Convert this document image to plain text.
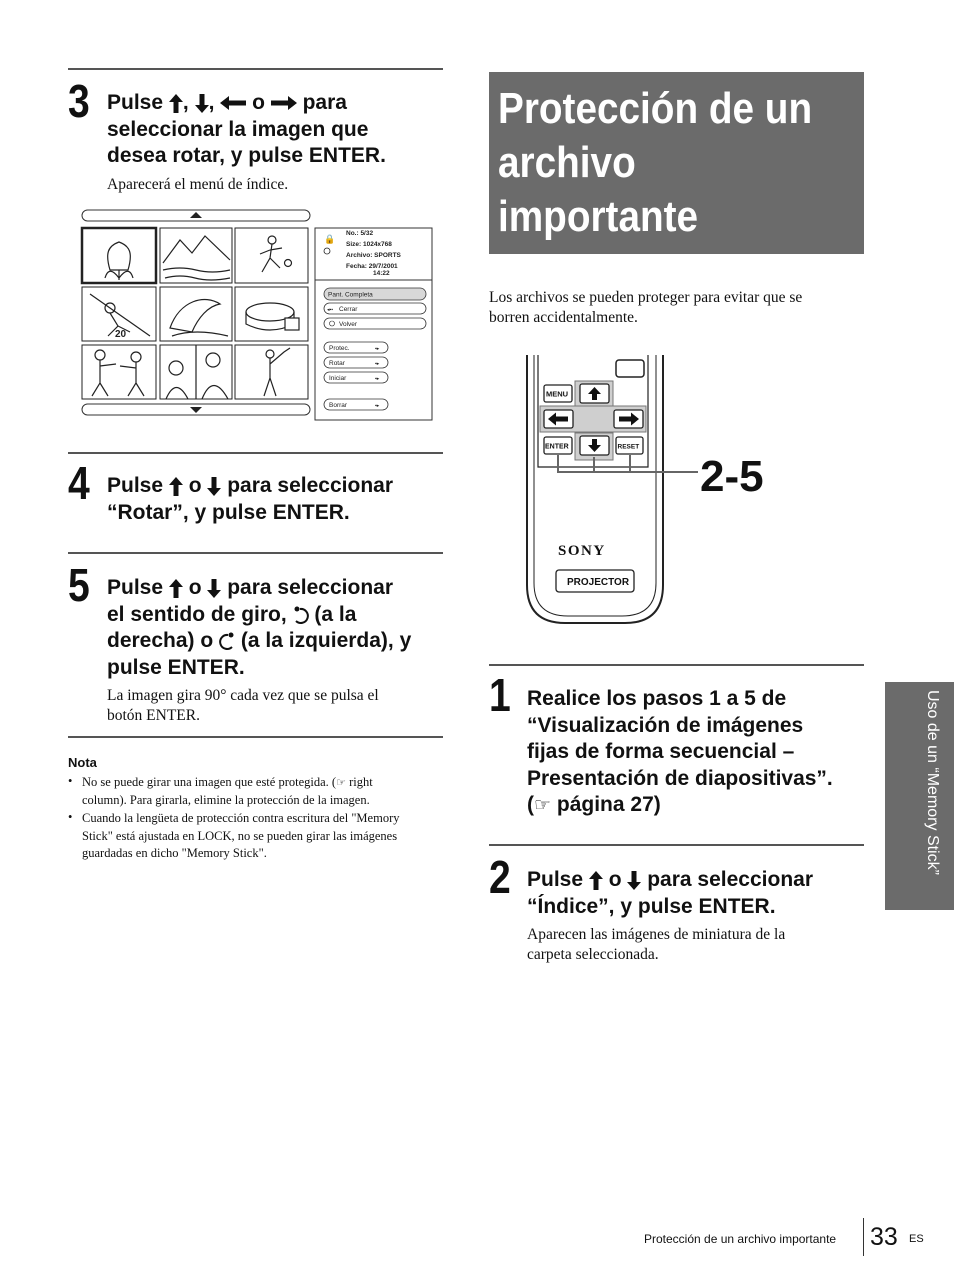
3 Pulse , , o para
seleccionar la imagen que
desea rotar, y pulse ENTER.
Aparecerá el menú de índice.
20
🔒
No.: 5/32
Size: 1024x768
Archivo: SPORTS
Fecha: 29/7/2001
14:22
Pant. Completa
Cerrar
◂▪▪
Volver
Protec.	▪▸
Rotar	▪▸
Iniciar	▪▸
Borrar	▪▸
4 Pulse o para seleccionar
“Rotar”, y pulse ENTER.
5 Pulse o para seleccionar
el sentido de giro, (a la
derecha) o (a la izquierda), y
pulse ENTER.
La imagen gira 90° cada vez que se pulsa el
botón ENTER.
Nota
• No se puede girar una imagen que esté protegida. (☞ right
column). Para girarla, elimine la protección de la imagen.
• Cuando la lengüeta de protección contra escritura del "Memory
Stick" está ajustada en LOCK, no se pueden girar las imágenes
guardadas en dicho "Memory Stick".
Protección de un
archivo
importante
Los archivos se pueden proteger para evitar que se
borren accidentalmente.
MENU
ENTER	RESET
SONY
PROJECTOR
2-5
1 Realice los pasos 1 a 5 de
“Visualización de imágenes
fijas de forma secuencial –
Presentación de diapositivas”.
(☞ página 27)
2 Pulse o para seleccionar
“Índice”, y pulse ENTER.
Aparecen las imágenes de miniatura de la
carpeta seleccionada.
Uso de un “Memory Stick”
Protección de un archivo importante 33 ES
